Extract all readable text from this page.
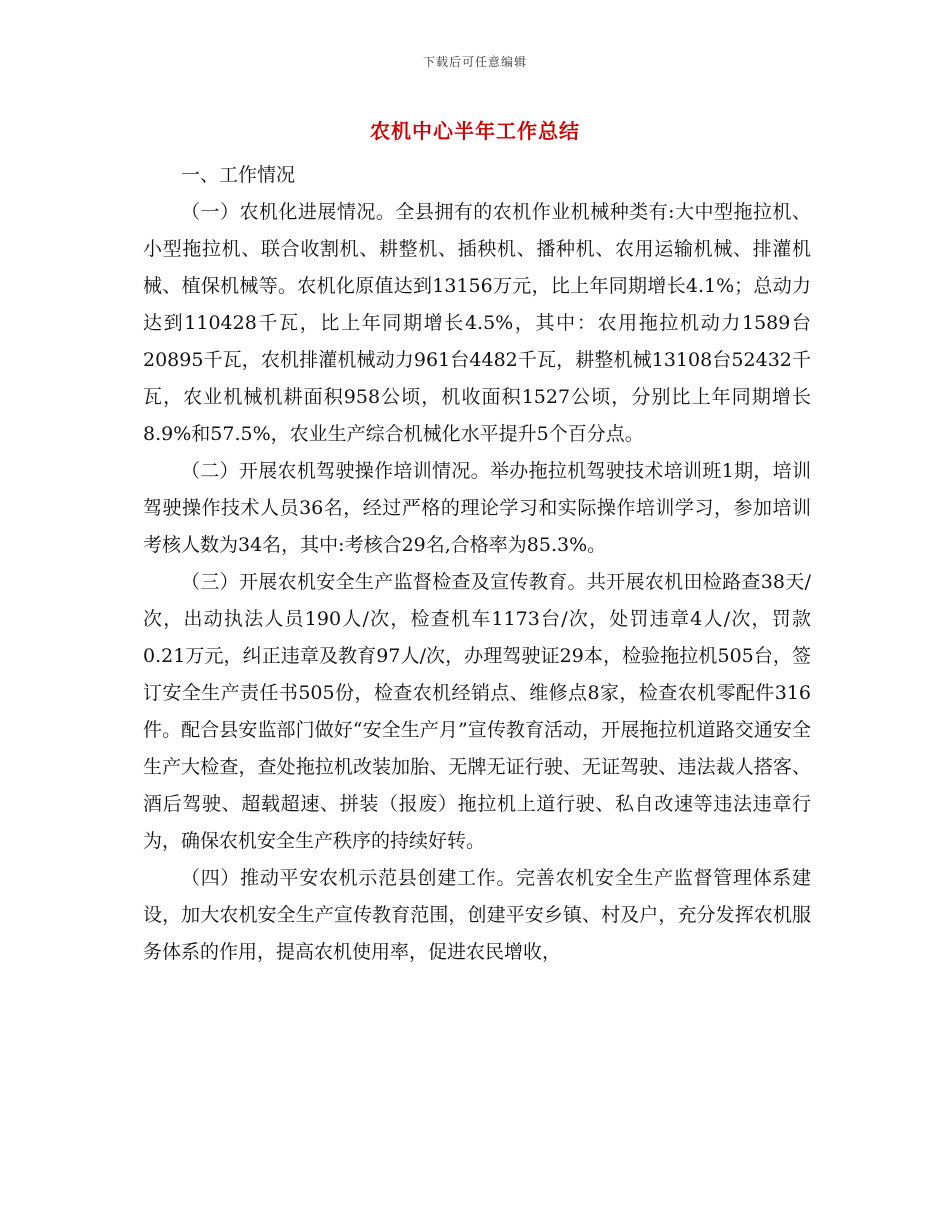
下载后可任意编辑
农机中心半年工作总结

一、工作情况

（一）农机化进展情况。全县拥有的农机作业机械种类有:大中型拖拉机、小型拖拉机、联合收割机、耕整机、插秧机、播种机、农用运输机械、排灌机械、植保机械等。农机化原值达到13156万元，比上年同期增长4.1%；总动力达到110428千瓦，比上年同期增长4.5%，其中：农用拖拉机动力1589台20895千瓦，农机排灌机械动力961台4482千瓦，耕整机械13108台52432千瓦，农业机械机耕面积958公顷，机收面积1527公顷，分别比上年同期增长8.9%和57.5%，农业生产综合机械化水平提升5个百分点。

（二）开展农机驾驶操作培训情况。举办拖拉机驾驶技术培训班1期，培训驾驶操作技术人员36名，经过严格的理论学习和实际操作培训学习，参加培训考核人数为34名，其中:考核合29名,合格率为85.3%。

（三）开展农机安全生产监督检查及宣传教育。共开展农机田检路查38天/次，出动执法人员190人/次，检查机车1173台/次，处罚违章4人/次，罚款0.21万元，纠正违章及教育97人/次，办理驾驶证29本，检验拖拉机505台，签订安全生产责任书505份，检查农机经销点、维修点8家，检查农机零配件316件。配合县安监部门做好“安全生产月”宣传教育活动，开展拖拉机道路交通安全生产大检查，查处拖拉机改装加胎、无牌无证行驶、无证驾驶、违法裁人搭客、酒后驾驶、超载超速、拼装（报废）拖拉机上道行驶、私自改速等违法违章行为，确保农机安全生产秩序的持续好转。

（四）推动平安农机示范县创建工作。完善农机安全生产监督管理体系建设，加大农机安全生产宣传教育范围，创建平安乡镇、村及户，充分发挥农机服务体系的作用，提高农机使用率，促进农民增收，
